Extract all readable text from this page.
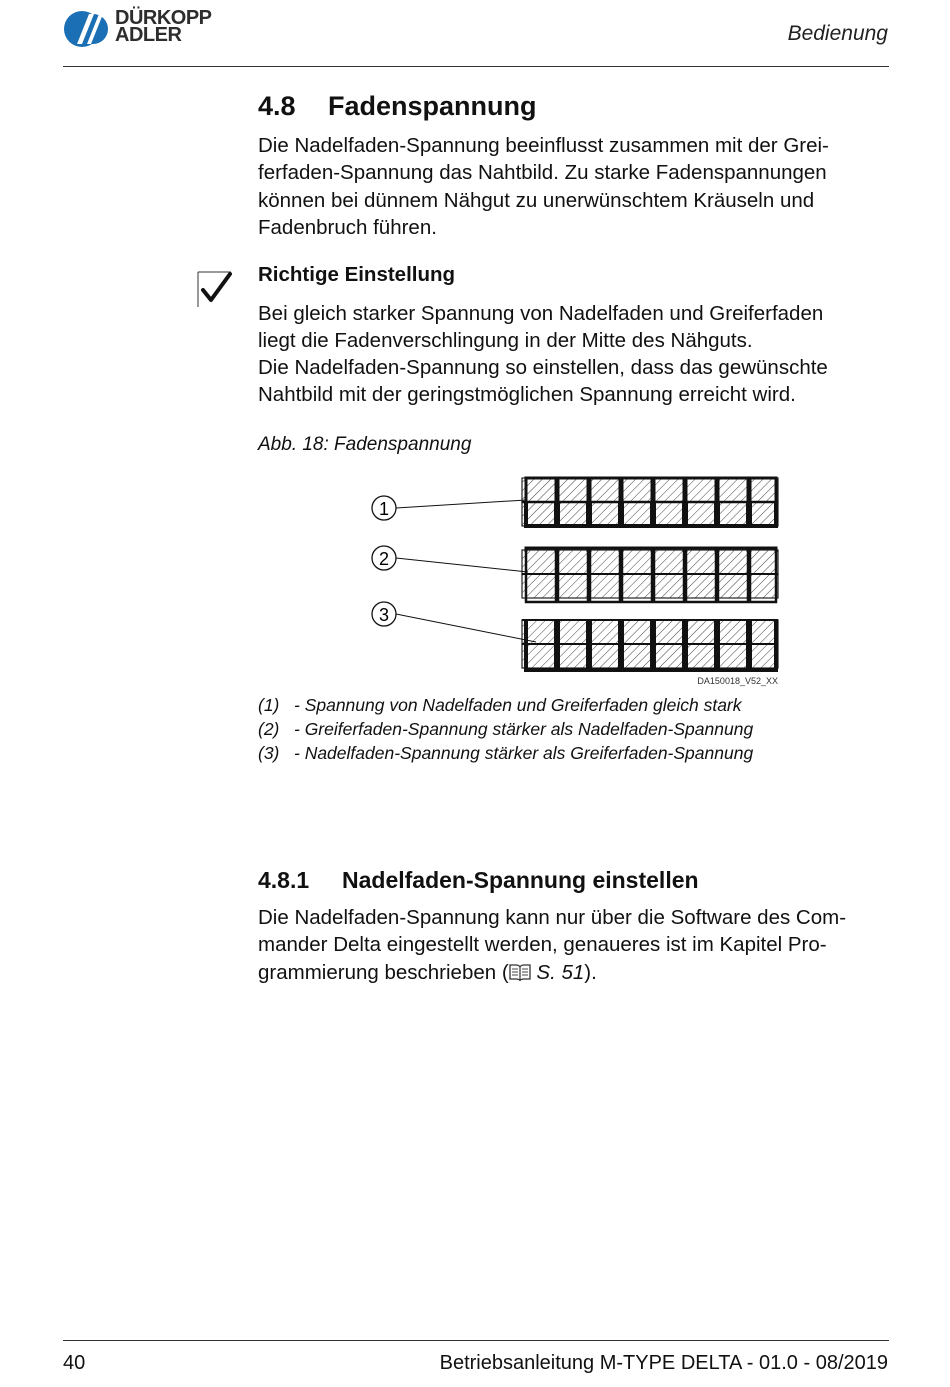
DÜRKOPP
ADLER	Bedienung
4.8 Fadenspannung

Die Nadelfaden-Spannung beeinflusst zusammen mit der Grei-
ferfaden-Spannung das Nahtbild. Zu starke Fadenspannungen
können bei dünnem Nähgut zu unerwünschtem Kräuseln und
Fadenbruch führen.

Richtige Einstellung

Bei gleich starker Spannung von Nadelfaden und Greiferfaden
liegt die Fadenverschlingung in der Mitte des Nähguts.

Die Nadelfaden-Spannung so einstellen, dass das gewünschte
Nahtbild mit der geringstmöglichen Spannung erreicht wird.

Abb. 18: Fadenspannung
1
2
3
DA150018_V52_XX
(1) - Spannung von Nadelfaden und Greiferfaden gleich stark
(2) - Greiferfaden-Spannung stärker als Nadelfaden-Spannung
(3) - Nadelfaden-Spannung stärker als Greiferfaden-Spannung
4.8.1 Nadelfaden-Spannung einstellen

Die Nadelfaden-Spannung kann nur über die Software des Com-
mander Delta eingestellt werden, genaueres ist im Kapitel Pro-
grammierung beschrieben ( S. 51).

40	Betriebsanleitung M-TYPE DELTA - 01.0 - 08/2019
